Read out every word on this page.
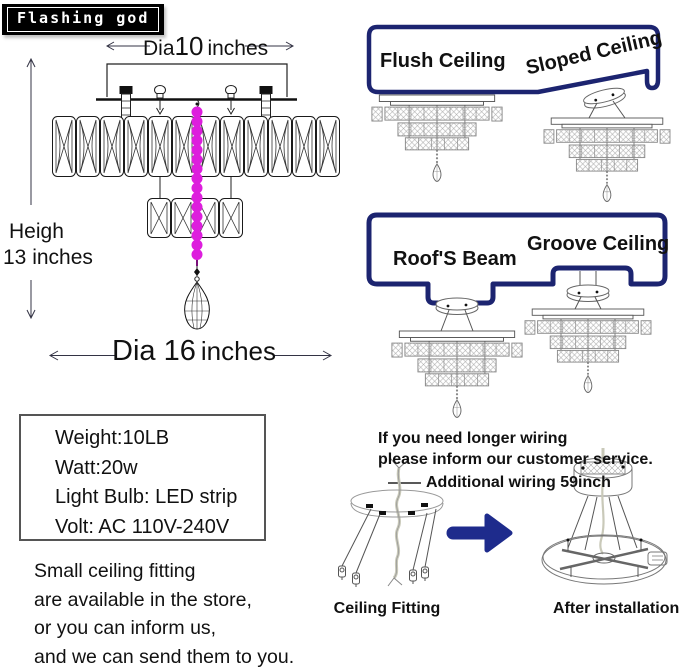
Flashing god
Dia10 inches
Heigh
13 inches
Dia 16 inches
Flush Ceiling Sloped Ceiling
Roof'S Beam
Groove Ceiling
Weight:10LB
Watt:20w
Light Bulb: LED strip
Volt: AC 110V-240V
Small ceiling fitting
are available in the store,
or you can inform us,
and we can send them to you.
If you need longer wiring
please inform our customer service.
Additional wiring 59inch
Ceiling Fitting	After installation
